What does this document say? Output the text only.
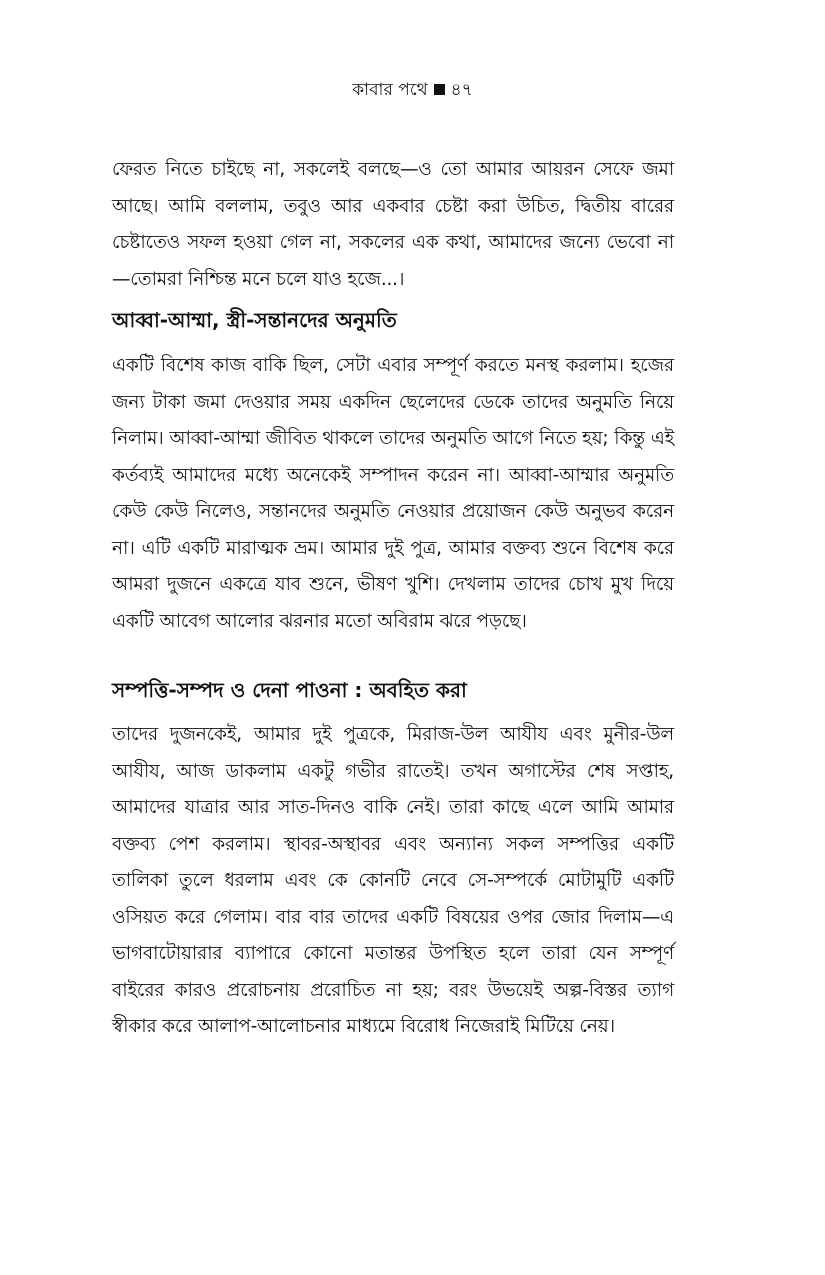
কাবার পথে ৪৭

ফেরত নিতে চাইছে না, সকলেই বলছে—ও তো আমার আয়রন সেফে জমা আছে। আমি বললাম, তবুও আর একবার চেষ্টা করা উচিত, দ্বিতীয় বারের চেষ্টাতেও সফল হওয়া গেল না, সকলের এক কথা, আমাদের জন্যে ভেবো না—তোমরা নিশ্চিন্ত মনে চলে যাও হজে...।

আব্বা-আম্মা, স্ত্রী-সন্তানদের অনুমতি

একটি বিশেষ কাজ বাকি ছিল, সেটা এবার সম্পূর্ণ করতে মনস্থ করলাম। হজের জন্য টাকা জমা দেওয়ার সময় একদিন ছেলেদের ডেকে তাদের অনুমতি নিয়ে নিলাম। আব্বা-আম্মা জীবিত থাকলে তাদের অনুমতি আগে নিতে হয়; কিন্তু এই কর্তব্যই আমাদের মধ্যে অনেকেই সম্পাদন করেন না। আব্বা-আম্মার অনুমতি কেউ কেউ নিলেও, সন্তানদের অনুমতি নেওয়ার প্রয়োজন কেউ অনুভব করেন না। এটি একটি মারাত্মক ভ্রম। আমার দুই পুত্র, আমার বক্তব্য শুনে বিশেষ করে আমরা দুজনে একত্রে যাব শুনে, ভীষণ খুশি। দেখলাম তাদের চোখ মুখ দিয়ে একটি আবেগ আলোর ঝরনার মতো অবিরাম ঝরে পড়ছে।

সম্পত্তি-সম্পদ ও দেনা পাওনা : অবহিত করা

তাদের দুজনকেই, আমার দুই পুত্রকে, মিরাজ-উল আযীয এবং মুনীর-উল আযীয, আজ ডাকলাম একটু গভীর রাতেই। তখন অগাস্টের শেষ সপ্তাহ, আমাদের যাত্রার আর সাত-দিনও বাকি নেই। তারা কাছে এলে আমি আমার বক্তব্য পেশ করলাম। স্থাবর-অস্থাবর এবং অন্যান্য সকল সম্পত্তির একটি তালিকা তুলে ধরলাম এবং কে কোনটি নেবে সে-সম্পর্কে মোটামুটি একটি ওসিয়ত করে গেলাম। বার বার তাদের একটি বিষয়ের ওপর জোর দিলাম—এ ভাগবাটোয়ারার ব্যাপারে কোনো মতান্তর উপস্থিত হলে তারা যেন সম্পূর্ণ বাইরের কারও প্ররোচনায় প্ররোচিত না হয়; বরং উভয়েই অল্প-বিস্তর ত্যাগ স্বীকার করে আলাপ-আলোচনার মাধ্যমে বিরোধ নিজেরাই মিটিয়ে নেয়।
